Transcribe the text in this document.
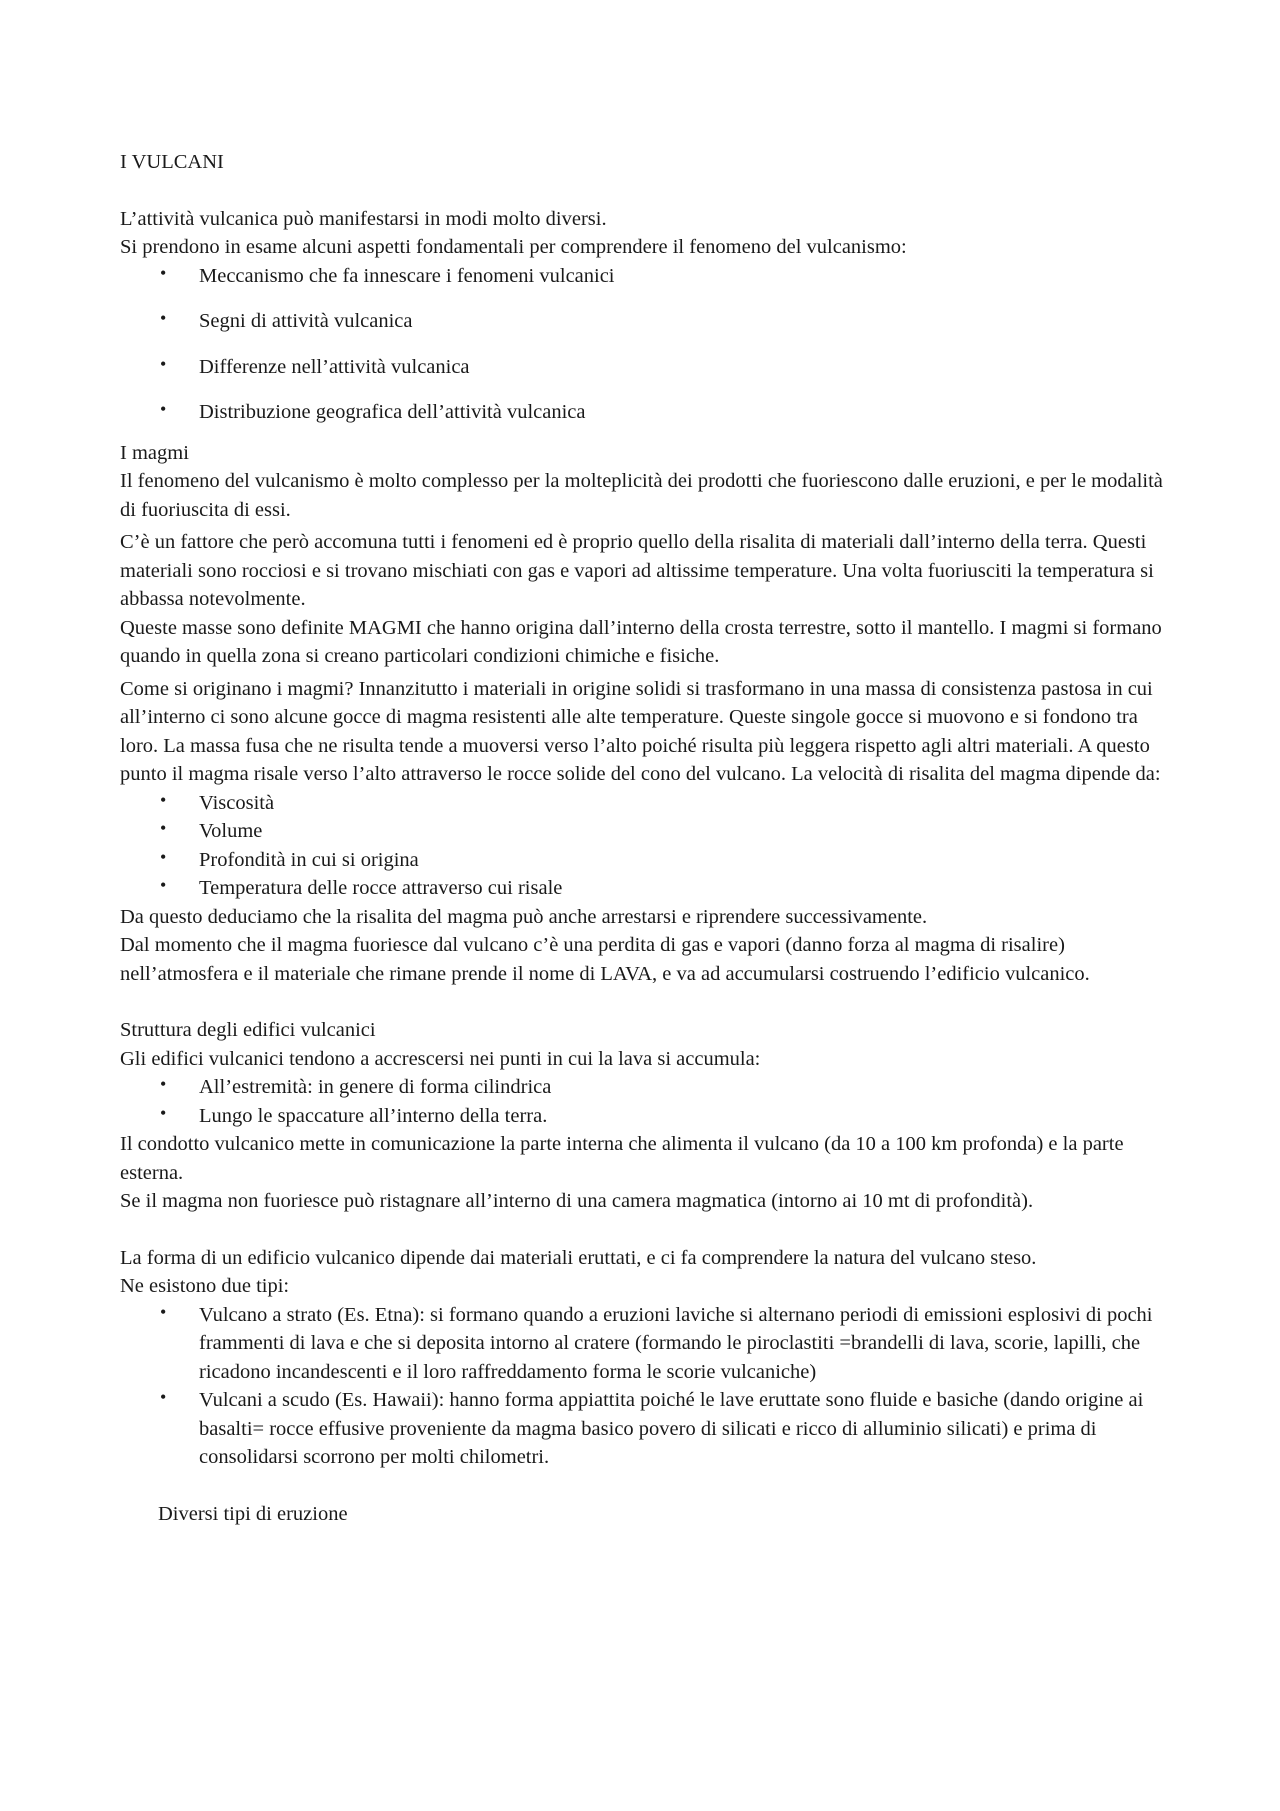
I VULCANI

L’attività vulcanica può manifestarsi in modi molto diversi.

Si prendono in esame alcuni aspetti fondamentali per comprendere il fenomeno del vulcanismo:

• Meccanismo che fa innescare i fenomeni vulcanici
• Segni di attività vulcanica
• Differenze nell’attività vulcanica
• Distribuzione geografica dell’attività vulcanica

I magmi

Il fenomeno del vulcanismo è molto complesso per la molteplicità dei prodotti che fuoriescono dalle eruzioni, e per le modalità di fuoriuscita di essi.

C’è un fattore che però accomuna tutti i fenomeni ed è proprio quello della risalita di materiali dall’interno della terra. Questi materiali sono rocciosi e si trovano mischiati con gas e vapori ad altissime temperature. Una volta fuoriusciti la temperatura si abbassa notevolmente.

Queste masse sono definite MAGMI che hanno origina dall’interno della crosta terrestre, sotto il mantello. I magmi si formano quando in quella zona si creano particolari condizioni chimiche e fisiche.

Come si originano i magmi? Innanzitutto i materiali in origine solidi si trasformano in una massa di consistenza pastosa in cui all’interno ci sono alcune gocce di magma resistenti alle alte temperature. Queste singole gocce si muovono e si fondono tra loro. La massa fusa che ne risulta tende a muoversi verso l’alto poiché risulta più leggera rispetto agli altri materiali. A questo punto il magma risale verso l’alto attraverso le rocce solide del cono del vulcano. La velocità di risalita del magma dipende da:

• Viscosità
• Volume
• Profondità in cui si origina
• Temperatura delle rocce attraverso cui risale

Da questo deduciamo che la risalita del magma può anche arrestarsi e riprendere successivamente.

Dal momento che il magma fuoriesce dal vulcano c’è una perdita di gas e vapori (danno forza al magma di risalire) nell’atmosfera e il materiale che rimane prende il nome di LAVA, e va ad accumularsi costruendo l’edificio vulcanico.

Struttura degli edifici vulcanici

Gli edifici vulcanici tendono a accrescersi nei punti in cui la lava si accumula:

• All’estremità: in genere di forma cilindrica
• Lungo le spaccature all’interno della terra.

Il condotto vulcanico mette in comunicazione la parte interna che alimenta il vulcano (da 10 a 100 km profonda) e la parte esterna.

Se il magma non fuoriesce può ristagnare all’interno di una camera magmatica (intorno ai 10 mt di profondità).

La forma di un edificio vulcanico dipende dai materiali eruttati, e ci fa comprendere la natura del vulcano steso.

Ne esistono due tipi:

• Vulcano a strato (Es. Etna): si formano quando a eruzioni laviche si alternano periodi di emissioni esplosivi di pochi frammenti di lava e che si deposita intorno al cratere (formando le piroclastiti =brandelli di lava, scorie, lapilli, che ricadono incandescenti e il loro raffreddamento forma le scorie vulcaniche)
• Vulcani a scudo (Es. Hawaii): hanno forma appiattita poiché le lave eruttate sono fluide e basiche (dando origine ai basalti= rocce effusive proveniente da magma basico povero di silicati e ricco di alluminio silicati) e prima di consolidarsi scorrono per molti chilometri.

Diversi tipi di eruzione
